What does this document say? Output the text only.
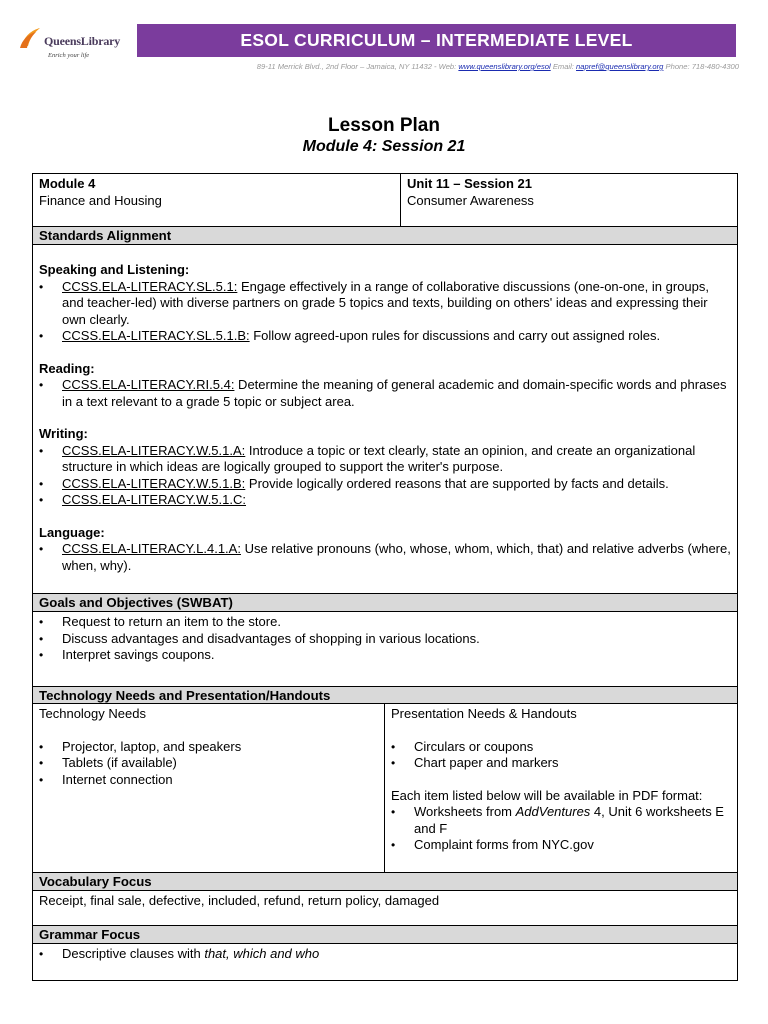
QueensLibrary
Enrich your life
ESOL CURRICULUM – INTERMEDIATE LEVEL
89-11 Merrick Blvd., 2nd Floor – Jamaica, NY 11432 - Web: www.queenslibrary.org/esol Email: napref@queenslibrary.org Phone: 718-480-4300
Lesson Plan
Module 4: Session 21
Module 4
Finance and Housing
Unit 11 – Session 21
Consumer Awareness
Standards Alignment
Speaking and Listening:
• CCSS.ELA-LITERACY.SL.5.1: Engage effectively in a range of collaborative discussions (one-on-one, in groups, and teacher-led) with diverse partners on grade 5 topics and texts, building on others' ideas and expressing their own clearly.
• CCSS.ELA-LITERACY.SL.5.1.B: Follow agreed-upon rules for discussions and carry out assigned roles.
Reading:
• CCSS.ELA-LITERACY.RI.5.4: Determine the meaning of general academic and domain-specific words and phrases in a text relevant to a grade 5 topic or subject area.
Writing:
• CCSS.ELA-LITERACY.W.5.1.A: Introduce a topic or text clearly, state an opinion, and create an organizational structure in which ideas are logically grouped to support the writer's purpose.
• CCSS.ELA-LITERACY.W.5.1.B: Provide logically ordered reasons that are supported by facts and details.
• CCSS.ELA-LITERACY.W.5.1.C:
Language:
• CCSS.ELA-LITERACY.L.4.1.A: Use relative pronouns (who, whose, whom, which, that) and relative adverbs (where, when, why).
Goals and Objectives (SWBAT)
• Request to return an item to the store.
• Discuss advantages and disadvantages of shopping in various locations.
• Interpret savings coupons.
Technology Needs and Presentation/Handouts
Technology Needs
• Projector, laptop, and speakers
• Tablets (if available)
• Internet connection
Presentation Needs & Handouts
• Circulars or coupons
• Chart paper and markers
Each item listed below will be available in PDF format:
• Worksheets from AddVentures 4, Unit 6 worksheets E and F
• Complaint forms from NYC.gov
Vocabulary Focus
Receipt, final sale, defective, included, refund, return policy, damaged
Grammar Focus
• Descriptive clauses with that, which and who
